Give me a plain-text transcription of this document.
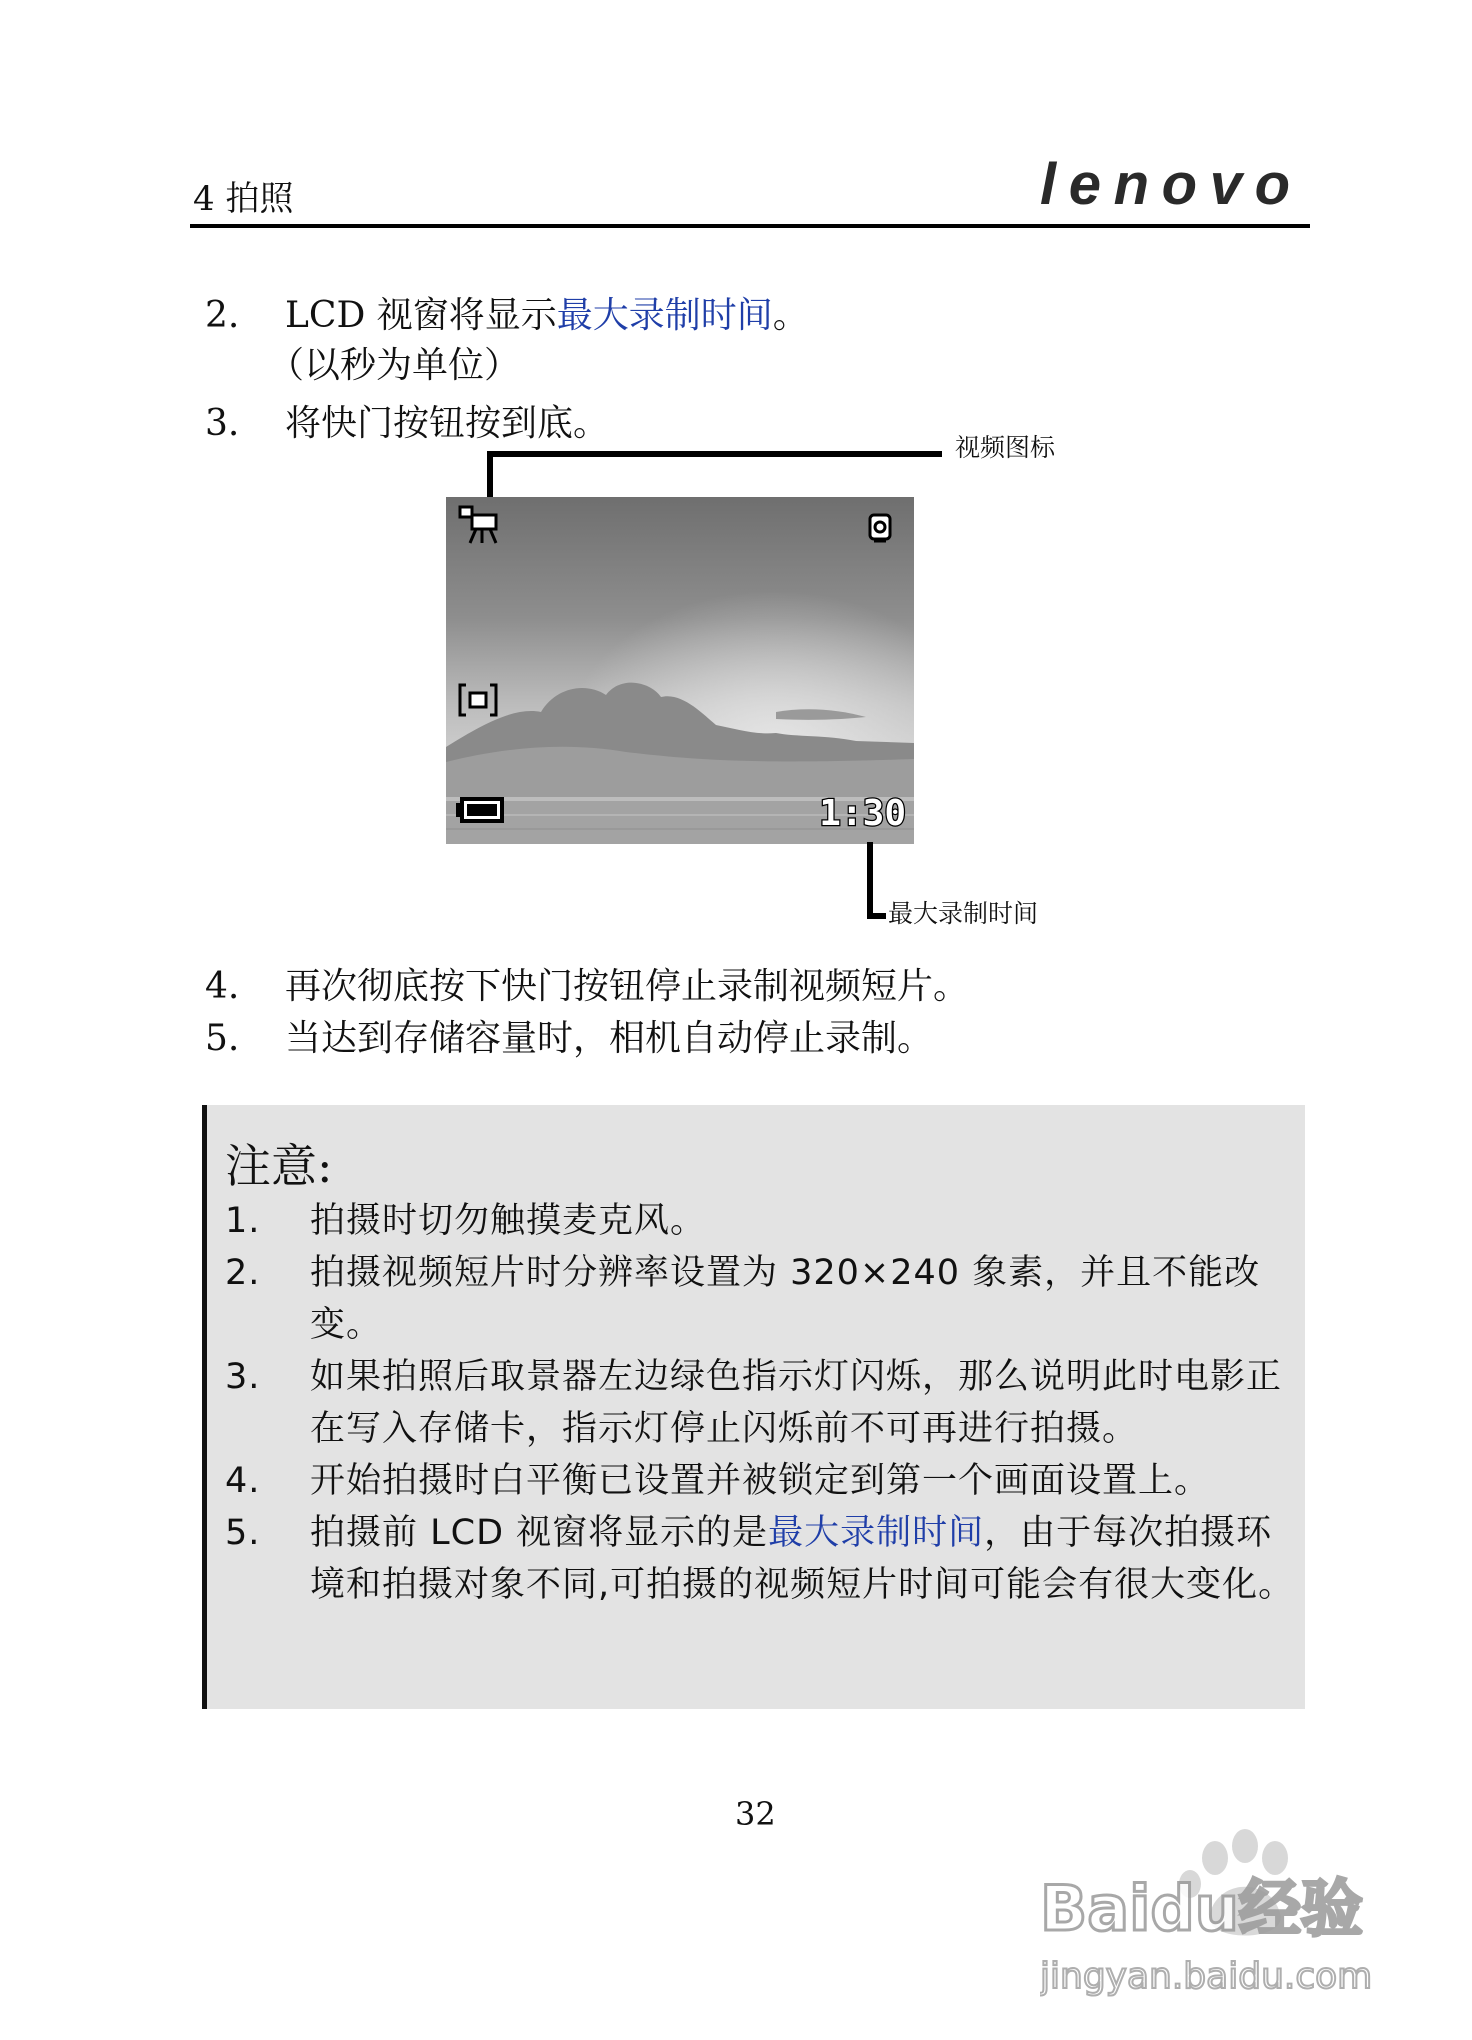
4 拍照	lenovo
2. LCD 视窗将显示最大录制时间。
（以秒为单位）
3. 将快门按钮按到底。
视频图标
1:30
最大录制时间
4. 再次彻底按下快门按钮停止录制视频短片。
5. 当达到存储容量时，相机自动停止录制。
注意:
1. 拍摄时切勿触摸麦克风。
2. 拍摄视频短片时分辨率设置为 320×240 象素，并且不能改变。
3. 如果拍照后取景器左边绿色指示灯闪烁，那么说明此时电影正在写入存储卡，指示灯停止闪烁前不可再进行拍摄。
4. 开始拍摄时白平衡已设置并被锁定到第一个画面设置上。
5. 拍摄前 LCD 视窗将显示的是最大录制时间，由于每次拍摄环境和拍摄对象不同,可拍摄的视频短片时间可能会有很大变化。
32
Baidu经验
jingyan.baidu.com
